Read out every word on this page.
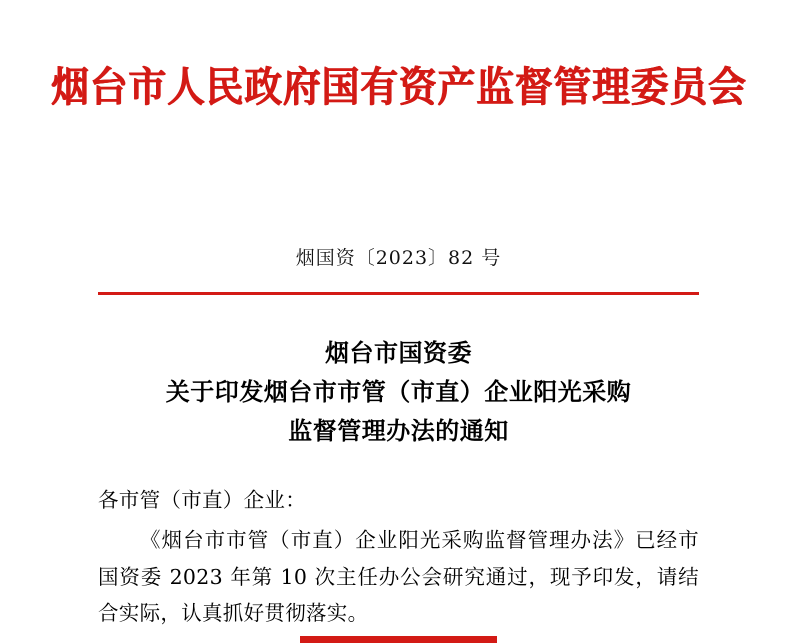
烟台市人民政府国有资产监督管理委员会
烟国资〔2023〕82 号
烟台市国资委
关于印发烟台市市管（市直）企业阳光采购
监督管理办法的通知

各市管（市直）企业：

《烟台市市管（市直）企业阳光采购监督管理办法》已经市国资委 2023 年第 10 次主任办公会研究通过，现予印发，请结合实际，认真抓好贯彻落实。
